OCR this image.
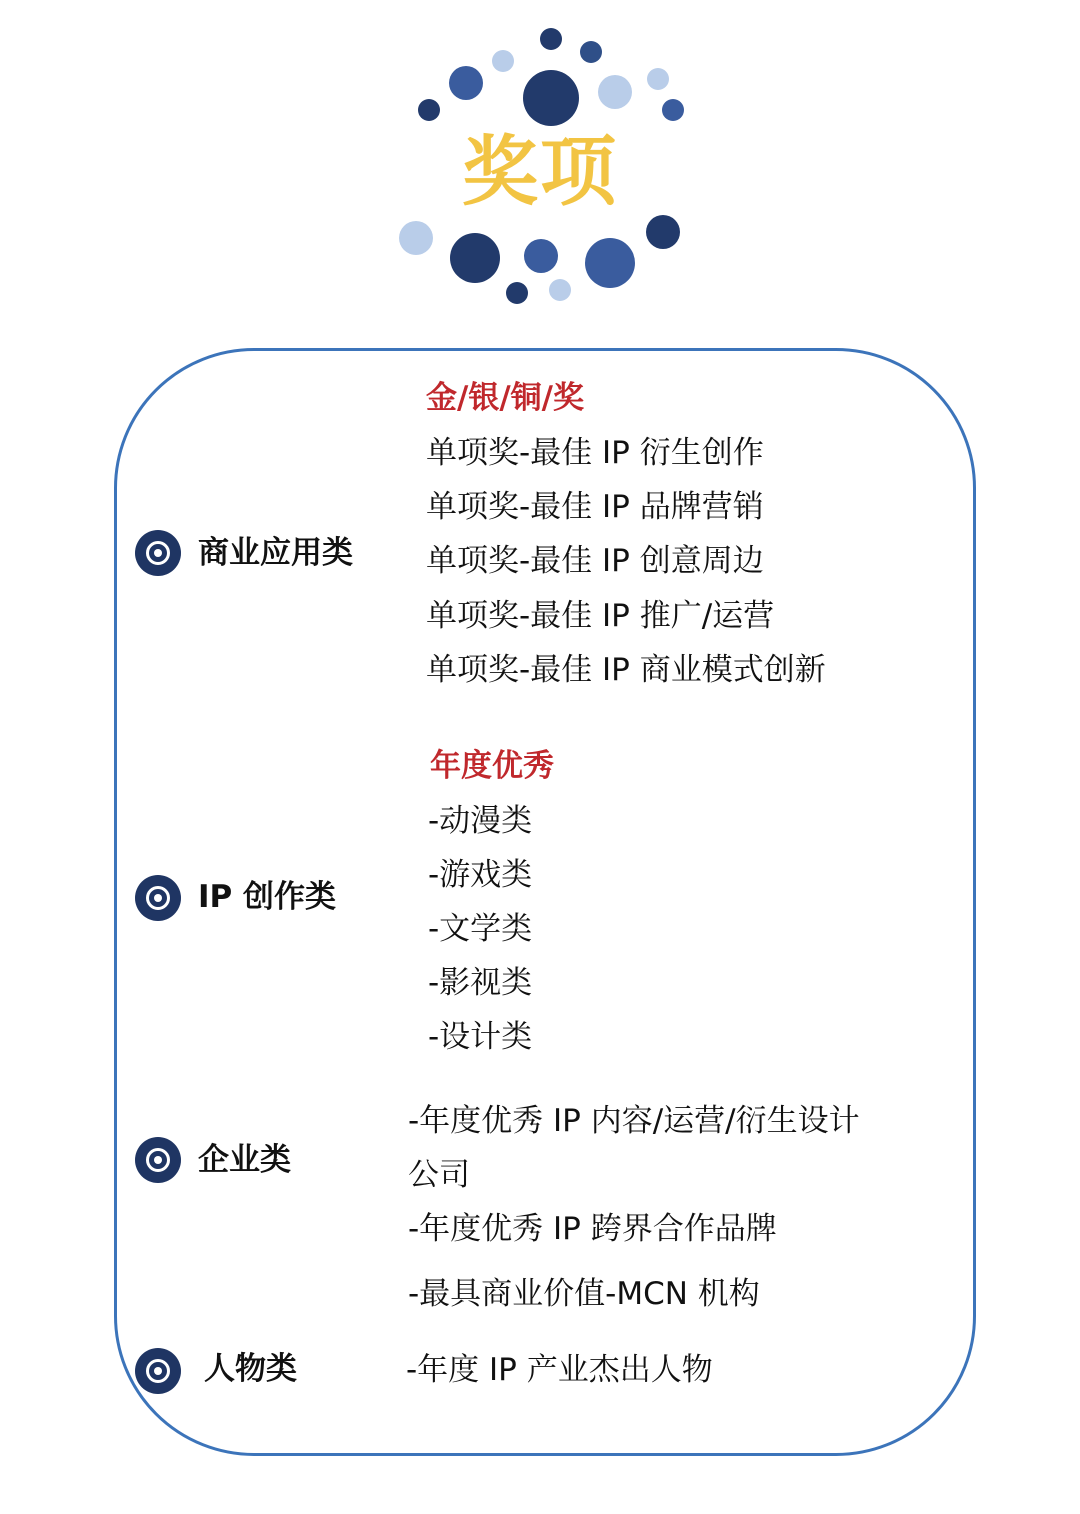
奖项
商业应用类
金/银/铜/奖
单项奖-最佳 IP 衍生创作
单项奖-最佳 IP 品牌营销
单项奖-最佳 IP 创意周边
单项奖-最佳 IP 推广/运营
单项奖-最佳 IP 商业模式创新
IP 创作类
年度优秀
-动漫类
-游戏类
-文学类
-影视类
-设计类
企业类
-年度优秀 IP 内容/运营/衍生设计
公司
-年度优秀 IP 跨界合作品牌
-最具商业价值-MCN 机构
人物类	-年度 IP 产业杰出人物
